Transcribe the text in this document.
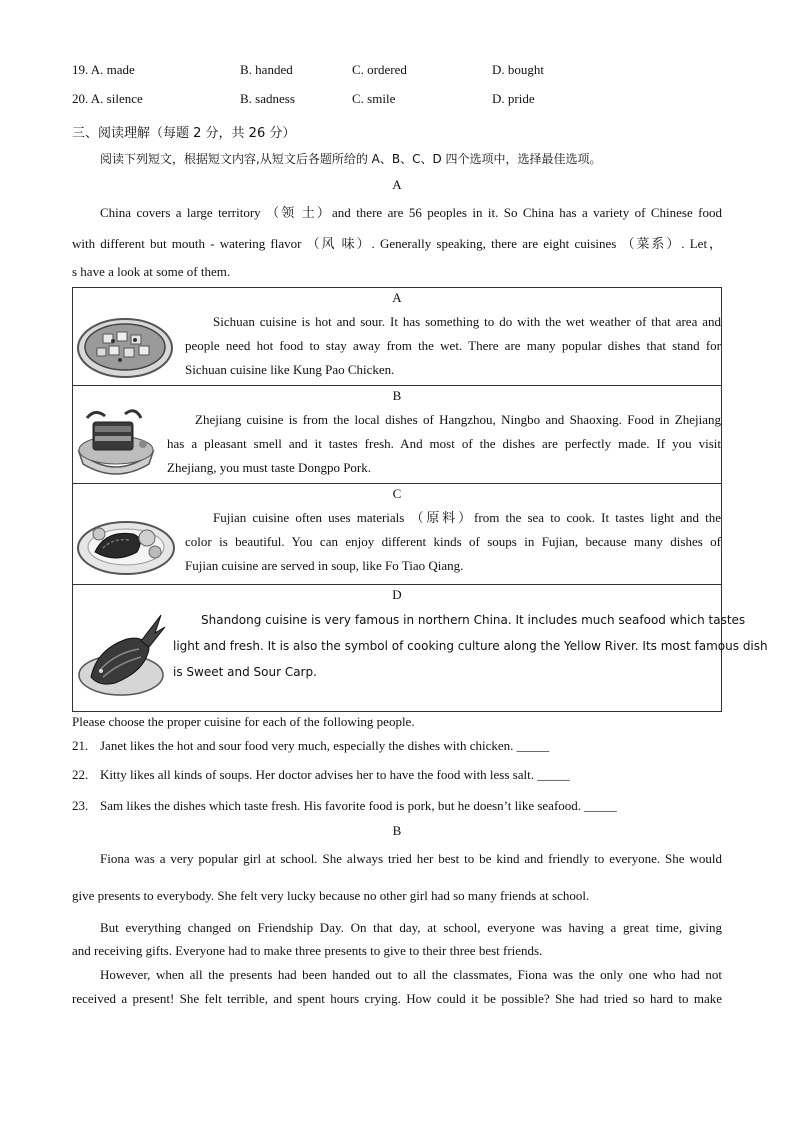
19. A. made	B. handed	C. ordered	D. bought
20. A. silence	B. sadness	C. smile	D. pride
三、阅读理解（每题 2 分，共 26 分）
阅读下列短文，根据短文内容,从短文后各题所给的 A、B、C、D 四个选项中，选择最佳选项。
A
China covers a large territory （领 土）and there are 56 peoples in it. So China has a variety of Chinese food
with different but mouth - watering flavor （风 味）. Generally speaking, there are eight cuisines （菜系）. Let，
s have a look at some of them.
A
Sichuan cuisine is hot and sour. It has something to do with the wet weather of that area and
people need hot food to stay away from the wet. There are many popular dishes that stand for
Sichuan cuisine like Kung Pao Chicken.
B
Zhejiang cuisine is from the local dishes of Hangzhou, Ningbo and Shaoxing. Food in Zhejiang
has a pleasant smell and it tastes fresh. And most of the dishes are perfectly made. If you visit
Zhejiang, you must taste Dongpo Pork.
C
Fujian cuisine often uses materials （原料）from the sea to cook. It tastes light and the
color is beautiful. You can enjoy different kinds of soups in Fujian, because many dishes of
Fujian cuisine are served in soup, like Fo Tiao Qiang.
D
Shandong cuisine is very famous in northern China. It includes much seafood which tastes
light and fresh. It is also the symbol of cooking culture along the Yellow River. Its most famous dish
is Sweet and Sour Carp.
Please choose the proper cuisine for each of the following people.
21. Janet likes the hot and sour food very much, especially the dishes with chicken. _____
22. Kitty likes all kinds of soups. Her doctor advises her to have the food with less salt. _____
23. Sam likes the dishes which taste fresh. His favorite food is pork, but he doesn’t like seafood. _____
B
Fiona was a very popular girl at school. She always tried her best to be kind and friendly to everyone. She would
give presents to everybody. She felt very lucky because no other girl had so many friends at school.
But everything changed on Friendship Day. On that day, at school, everyone was having a great time, giving
and receiving gifts. Everyone had to make three presents to give to their three best friends.
However, when all the presents had been handed out to all the classmates, Fiona was the only one who had not
received a present! She felt terrible, and spent hours crying. How could it be possible? She had tried so hard to make
